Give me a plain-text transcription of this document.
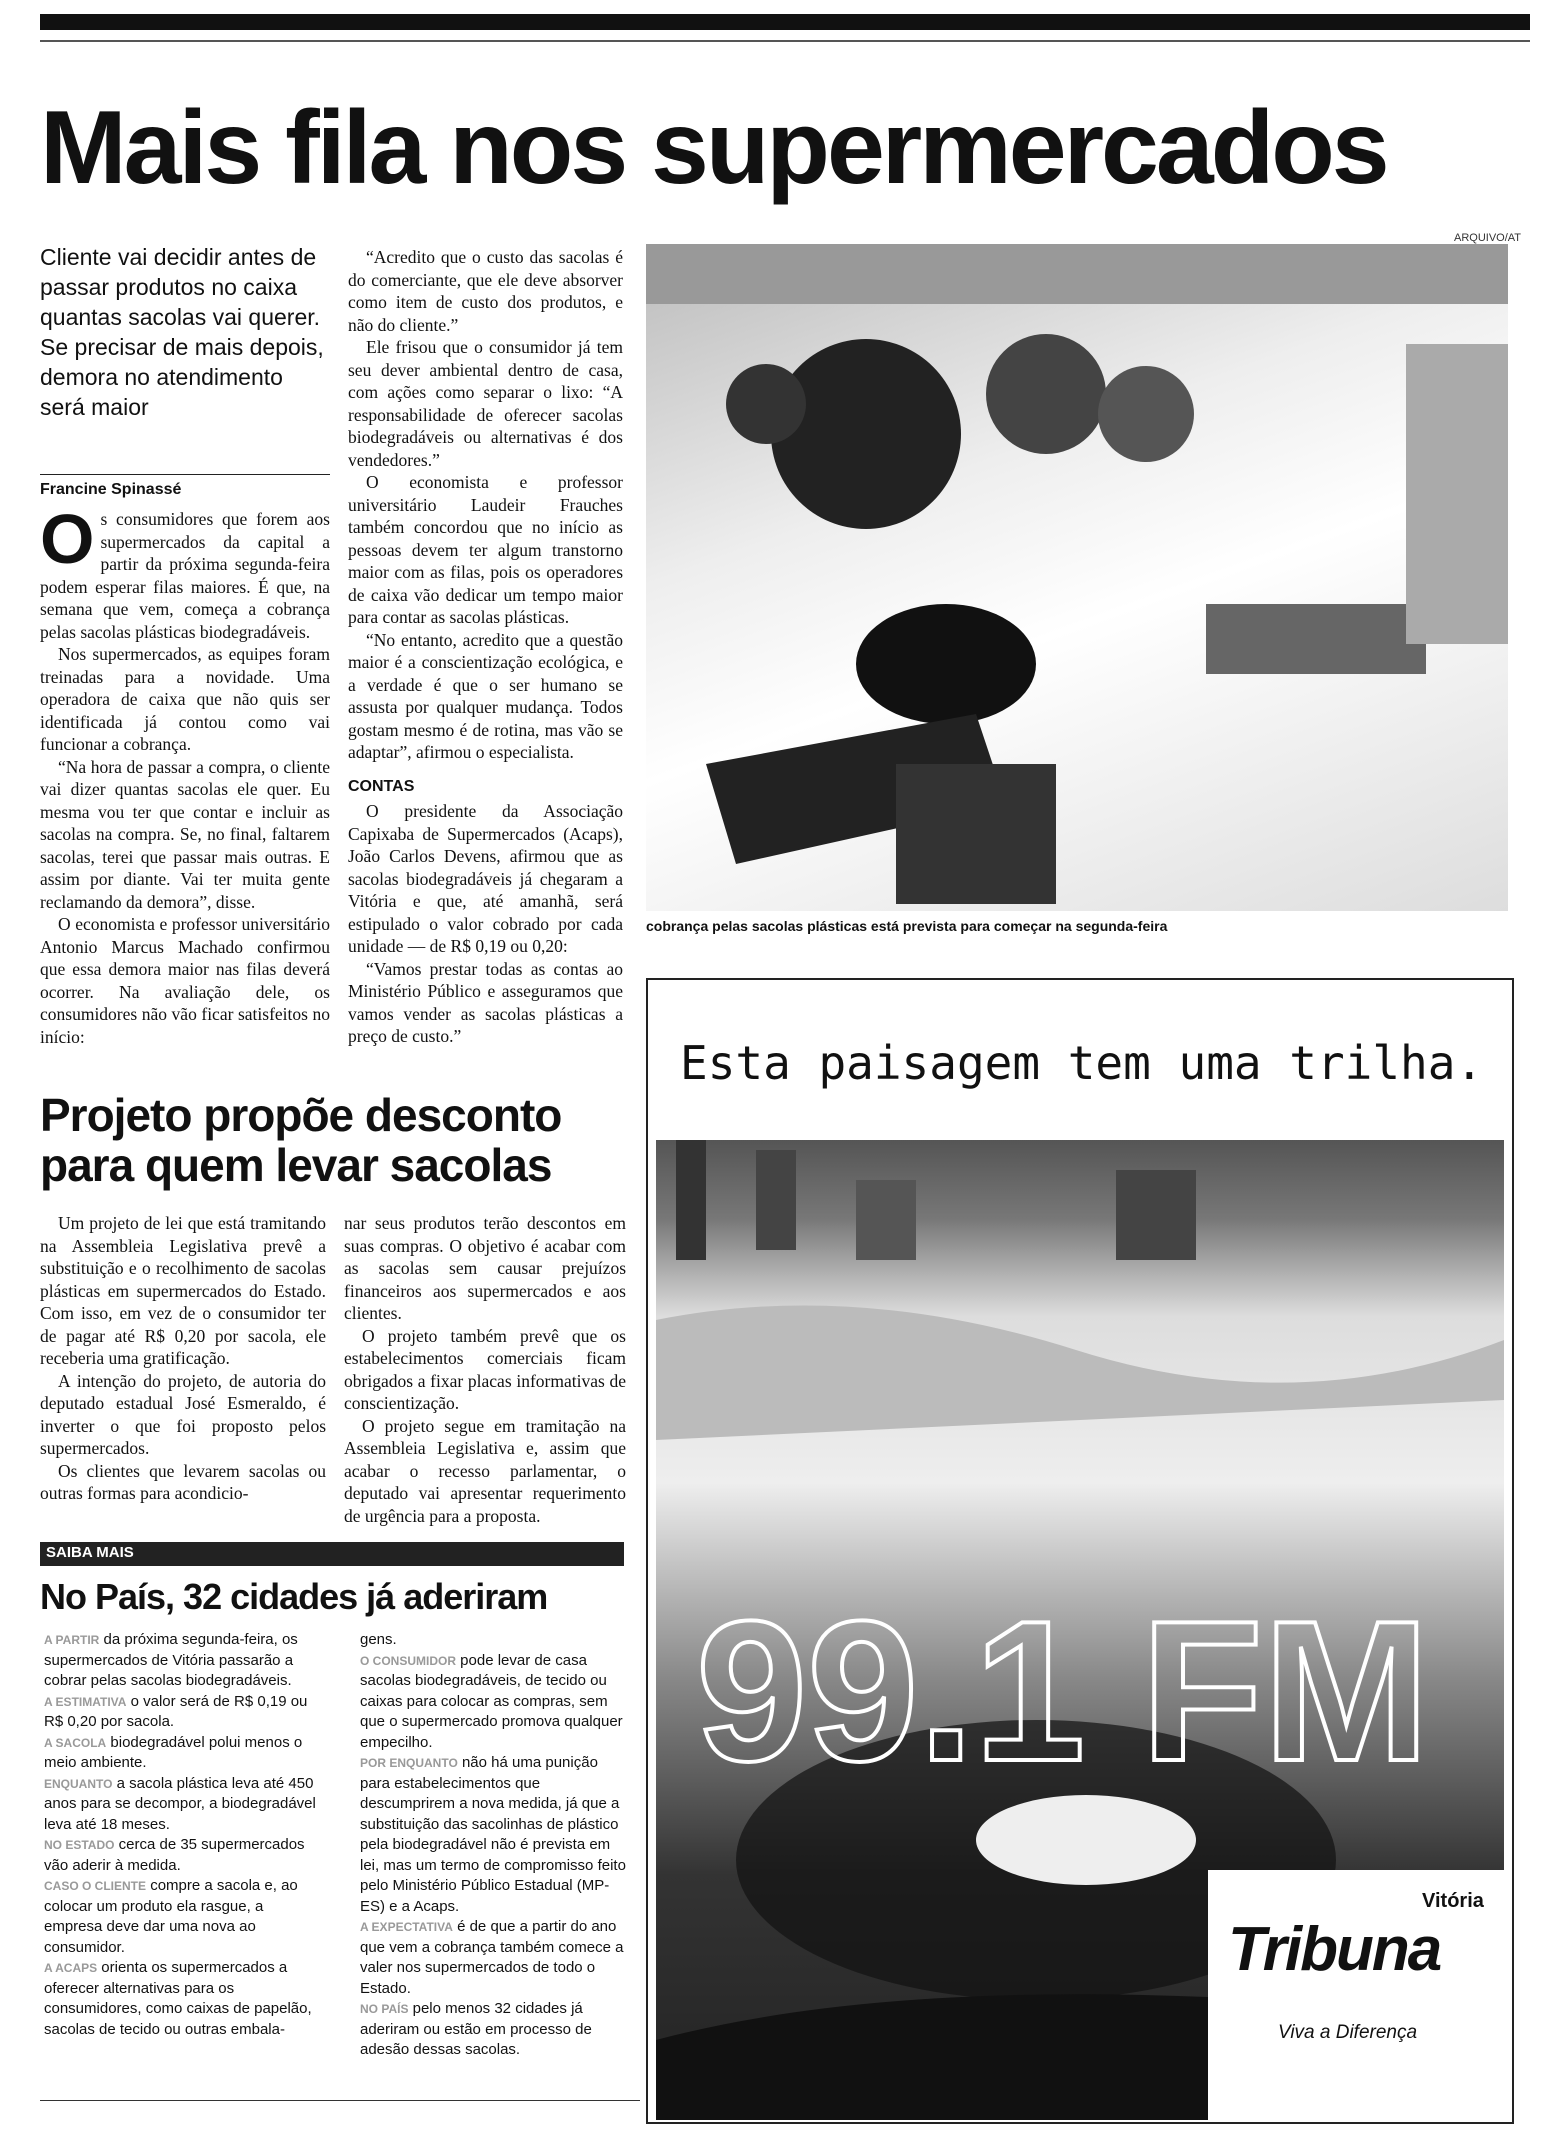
Mais fila nos supermercados
ARQUIVO/AT
Cliente vai decidir antes de passar produtos no caixa quantas sacolas vai querer. Se precisar de mais depois, demora no atendimento será maior
Francine Spinassé
O s consumidores que forem aos supermercados da capital a partir da próxima segunda-feira podem esperar filas maiores. É que, na semana que vem, começa a cobrança pelas sacolas plásticas biodegradáveis.

Nos supermercados, as equipes foram treinadas para a novidade. Uma operadora de caixa que não quis ser identificada já contou como vai funcionar a cobrança.

“Na hora de passar a compra, o cliente vai dizer quantas sacolas ele quer. Eu mesma vou ter que contar e incluir as sacolas na compra. Se, no final, faltarem sacolas, terei que passar mais outras. E assim por diante. Vai ter muita gente reclamando da demora”, disse.

O economista e professor universitário Antonio Marcus Machado confirmou que essa demora maior nas filas deverá ocorrer. Na avaliação dele, os consumidores não vão ficar satisfeitos no início:

“Acredito que o custo das sacolas é do comerciante, que ele deve absorver como item de custo dos produtos, e não do cliente.”

Ele frisou que o consumidor já tem seu dever ambiental dentro de casa, com ações como separar o lixo: “A responsabilidade de oferecer sacolas biodegradáveis ou alternativas é dos vendedores.”

O economista e professor universitário Laudeir Frauches também concordou que no início as pessoas devem ter algum transtorno maior com as filas, pois os operadores de caixa vão dedicar um tempo maior para contar as sacolas plásticas.

“No entanto, acredito que a questão maior é a conscientização ecológica, e a verdade é que o ser humano se assusta por qualquer mudança. Todos gostam mesmo é de rotina, mas vão se adaptar”, afirmou o especialista.

CONTAS

O presidente da Associação Capixaba de Supermercados (Acaps), João Carlos Devens, afirmou que as sacolas biodegradáveis já chegaram a Vitória e que, até amanhã, será estipulado o valor cobrado por cada unidade — de R$ 0,19 ou 0,20:

“Vamos prestar todas as contas ao Ministério Público e asseguramos que vamos vender as sacolas plásticas a preço de custo.”

cobrança pelas sacolas plásticas está prevista para começar na segunda-feira
Projeto propõe desconto
para quem levar sacolas

Um projeto de lei que está tramitando na Assembleia Legislativa prevê a substituição e o recolhimento de sacolas plásticas em supermercados do Estado. Com isso, em vez de o consumidor ter de pagar até R$ 0,20 por sacola, ele receberia uma gratificação.

A intenção do projeto, de autoria do deputado estadual José Esmeraldo, é inverter o que foi proposto pelos supermercados.

Os clientes que levarem sacolas ou outras formas para acondicio-

nar seus produtos terão descontos em suas compras. O objetivo é acabar com as sacolas sem causar prejuízos financeiros aos supermercados e aos clientes.

O projeto também prevê que os estabelecimentos comerciais ficam obrigados a fixar placas informativas de conscientização.

O projeto segue em tramitação na Assembleia Legislativa e, assim que acabar o recesso parlamentar, o deputado vai apresentar requerimento de urgência para a proposta.

SAIBA MAIS
No País, 32 cidades já aderiram

A PARTIR da próxima segunda-feira, os supermercados de Vitória passarão a cobrar pelas sacolas biodegradáveis.

A ESTIMATIVA o valor será de R$ 0,19 ou R$ 0,20 por sacola.

A SACOLA biodegradável polui menos o meio ambiente.

ENQUANTO a sacola plástica leva até 450 anos para se decompor, a biodegradável leva até 18 meses.

NO ESTADO cerca de 35 supermercados vão aderir à medida.

CASO O CLIENTE compre a sacola e, ao colocar um produto ela rasgue, a empresa deve dar uma nova ao consumidor.

A ACAPS orienta os supermercados a oferecer alternativas para os consumidores, como caixas de papelão, sacolas de tecido ou outras embala-

gens.

O CONSUMIDOR pode levar de casa sacolas biodegradáveis, de tecido ou caixas para colocar as compras, sem que o supermercado promova qualquer empecilho.

POR ENQUANTO não há uma punição para estabelecimentos que descumprirem a nova medida, já que a substituição das sacolinhas de plástico pela biodegradável não é prevista em lei, mas um termo de compromisso feito pelo Ministério Público Estadual (MP-ES) e a Acaps.

A EXPECTATIVA é de que a partir do ano que vem a cobrança também comece a valer nos supermercados de todo o Estado.

NO PAÍS pelo menos 32 cidades já aderiram ou estão em processo de adesão dessas sacolas.

Esta paisagem tem uma trilha.
99.1 FM
Vitória
Tribuna
Viva a Diferença
